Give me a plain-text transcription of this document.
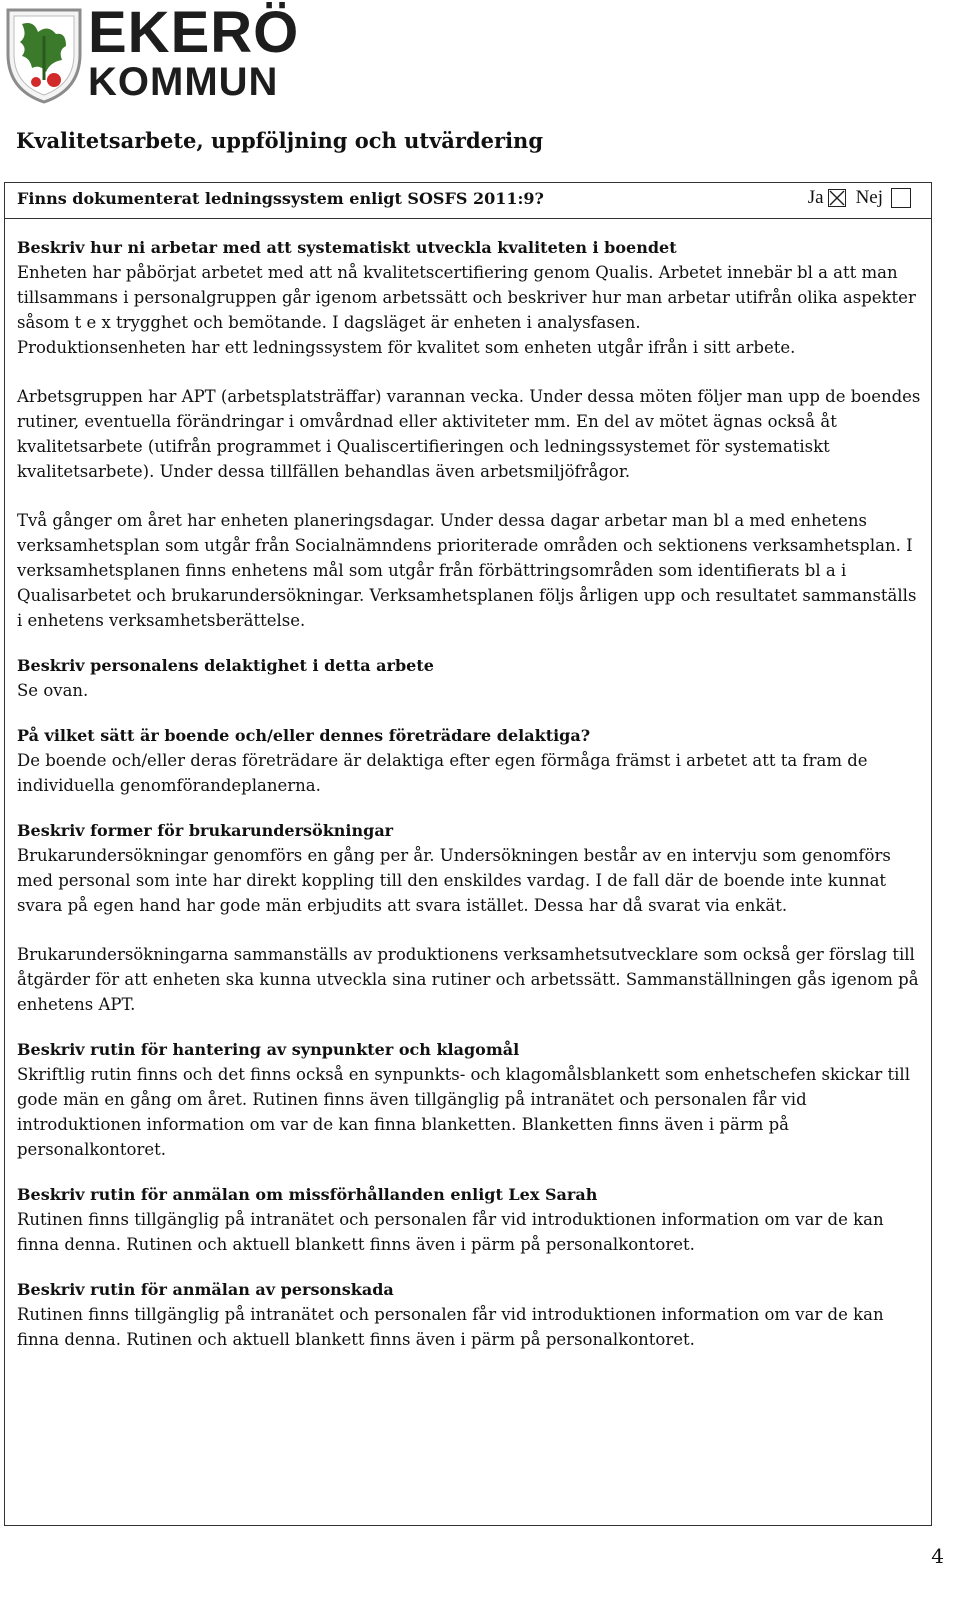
EKERÖ
KOMMUN
Kvalitetsarbete, uppföljning och utvärdering
Finns dokumenterat ledningssystem enligt SOSFS 2011:9?	Ja Nej
Beskriv hur ni arbetar med att systematiskt utveckla kvaliteten i boendet

Enheten har påbörjat arbetet med att nå kvalitetscertifiering genom Qualis. Arbetet innebär bl a att man tillsammans i personalgruppen går igenom arbetssätt och beskriver hur man arbetar utifrån olika aspekter såsom t e x trygghet och bemötande. I dagsläget är enheten i analysfasen.

Produktionsenheten har ett ledningssystem för kvalitet som enheten utgår ifrån i sitt arbete.

Arbetsgruppen har APT (arbetsplatsträffar) varannan vecka. Under dessa möten följer man upp de boendes rutiner, eventuella förändringar i omvårdnad eller aktiviteter mm. En del av mötet ägnas också åt kvalitetsarbete (utifrån programmet i Qualiscertifieringen och ledningssystemet för systematiskt kvalitetsarbete). Under dessa tillfällen behandlas även arbetsmiljöfrågor.

Två gånger om året har enheten planeringsdagar. Under dessa dagar arbetar man bl a med enhetens verksamhetsplan som utgår från Socialnämndens prioriterade områden och sektionens verksamhetsplan. I verksamhetsplanen finns enhetens mål som utgår från förbättringsområden som identifierats bl a i Qualisarbetet och brukarundersökningar. Verksamhetsplanen följs årligen upp och resultatet sammanställs i enhetens verksamhetsberättelse.

Beskriv personalens delaktighet i detta arbete

Se ovan.

På vilket sätt är boende och/eller dennes företrädare delaktiga?

De boende och/eller deras företrädare är delaktiga efter egen förmåga främst i arbetet att ta fram de individuella genomförandeplanerna.

Beskriv former för brukarundersökningar

Brukarundersökningar genomförs en gång per år. Undersökningen består av en intervju som genomförs med personal som inte har direkt koppling till den enskildes vardag. I de fall där de boende inte kunnat svara på egen hand har gode män erbjudits att svara istället. Dessa har då svarat via enkät.

Brukarundersökningarna sammanställs av produktionens verksamhetsutvecklare som också ger förslag till åtgärder för att enheten ska kunna utveckla sina rutiner och arbetssätt. Sammanställningen gås igenom på enhetens APT.

Beskriv rutin för hantering av synpunkter och klagomål

Skriftlig rutin finns och det finns också en synpunkts- och klagomålsblankett som enhetschefen skickar till gode män en gång om året. Rutinen finns även tillgänglig på intranätet och personalen får vid introduktionen information om var de kan finna blanketten. Blanketten finns även i pärm på personalkontoret.

Beskriv rutin för anmälan om missförhållanden enligt Lex Sarah

Rutinen finns tillgänglig på intranätet och personalen får vid introduktionen information om var de kan finna denna. Rutinen och aktuell blankett finns även i pärm på personalkontoret.

Beskriv rutin för anmälan av personskada

Rutinen finns tillgänglig på intranätet och personalen får vid introduktionen information om var de kan finna denna. Rutinen och aktuell blankett finns även i pärm på personalkontoret.

4
